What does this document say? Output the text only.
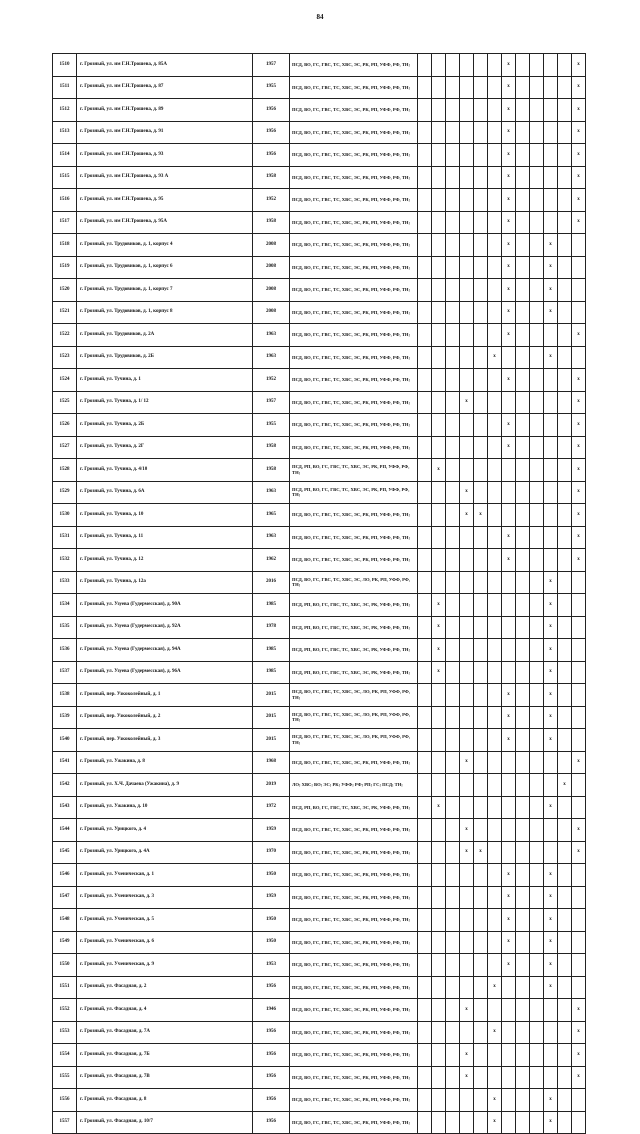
84
1510	г. Грозный, ул. им Г.Н.Трошева, д. 85А	1957	ПСД, ВО, ГС, ГВС, ТС, ХВС, ЭС, РК, РП, УФФ, РФ, ТН;							x					x
1511	г. Грозный, ул. им Г.Н.Трошева, д. 87	1955	ПСД, ВО, ГС, ГВС, ТС, ХВС, ЭС, РК, РП, УФФ, РФ, ТН;							x					x
1512	г. Грозный, ул. им Г.Н.Трошева, д. 89	1956	ПСД, ВО, ГС, ГВС, ТС, ХВС, ЭС, РК, РП, УФФ, РФ, ТН;							x					x
1513	г. Грозный, ул. им Г.Н.Трошева, д. 91	1956	ПСД, ВО, ГС, ГВС, ТС, ХВС, ЭС, РК, РП, УФФ, РФ, ТН;							x					x
1514	г. Грозный, ул. им Г.Н.Трошева, д. 93	1956	ПСД, ВО, ГС, ГВС, ТС, ХВС, ЭС, РК, РП, УФФ, РФ, ТН;							x					x
1515	г. Грозный, ул. им Г.Н.Трошева, д. 93 А	1958	ПСД, ВО, ГС, ГВС, ТС, ХВС, ЭС, РК, РП, УФФ, РФ, ТН;							x					x
1516	г. Грозный, ул. им Г.Н.Трошева, д. 95	1952	ПСД, ВО, ГС, ГВС, ТС, ХВС, ЭС, РК, РП, УФФ, РФ, ТН;							x					x
1517	г. Грозный, ул. им Г.Н.Трошева, д. 95А	1958	ПСД, ВО, ГС, ГВС, ТС, ХВС, ЭС, РК, РП, УФФ, РФ, ТН;							x					x
1518	г. Грозный, ул. Трудовиков, д. 1, корпус 4	2008	ПСД, ВО, ГС, ГВС, ТС, ХВС, ЭС, РК, РП, УФФ, РФ, ТН;							x			x		
1519	г. Грозный, ул. Трудовиков, д. 1, корпус 6	2008	ПСД, ВО, ГС, ГВС, ТС, ХВС, ЭС, РК, РП, УФФ, РФ, ТН;							x			x		
1520	г. Грозный, ул. Трудовиков, д. 1, корпус 7	2008	ПСД, ВО, ГС, ГВС, ТС, ХВС, ЭС, РК, РП, УФФ, РФ, ТН;							x			x		
1521	г. Грозный, ул. Трудовиков, д. 1, корпус 8	2008	ПСД, ВО, ГС, ГВС, ТС, ХВС, ЭС, РК, РП, УФФ, РФ, ТН;							x			x		
1522	г. Грозный, ул. Трудовиков, д. 2А	1963	ПСД, ВО, ГС, ГВС, ТС, ХВС, ЭС, РК, РП, УФФ, РФ, ТН;							x					x
1523	г. Грозный, ул. Трудовиков, д. 2Б	1963	ПСД, ВО, ГС, ГВС, ТС, ХВС, ЭС, РК, РП, УФФ, РФ, ТН;						x				x		
1524	г. Грозный, ул. Тучина, д. 1	1952	ПСД, ВО, ГС, ГВС, ТС, ХВС, ЭС, РК, РП, УФФ, РФ, ТН;							x					x
1525	г. Грозный, ул. Тучина, д. 1/ 12	1957	ПСД, ВО, ГС, ГВС, ТС, ХВС, ЭС, РК, РП, УФФ, РФ, ТН;				x								x
1526	г. Грозный, ул. Тучина, д. 2Б	1955	ПСД, ВО, ГС, ГВС, ТС, ХВС, ЭС, РК, РП, УФФ, РФ, ТН;							x					x
1527	г. Грозный, ул. Тучина, д. 2Г	1958	ПСД, ВО, ГС, ГВС, ТС, ХВС, ЭС, РК, РП, УФФ, РФ, ТН;							x					x
1528	г. Грозный, ул. Тучина, д. 4/10	1958	ПСД, РП, ВО, ГС, ГВС, ТС, ХВС, ЭС, РК, РП, УФФ, РФ, ТН;		x										x
1529	г. Грозный, ул. Тучина, д. 6А	1963	ПСД, РП, ВО, ГС, ГВС, ТС, ХВС, ЭС, РК, РП, УФФ, РФ, ТН;				x								x
1530	г. Грозный, ул. Тучина, д. 10	1965	ПСД, ВО, ГС, ГВС, ТС, ХВС, ЭС, РК, РП, УФФ, РФ, ТН;				x	x							x
1531	г. Грозный, ул. Тучина, д. 11	1963	ПСД, ВО, ГС, ГВС, ТС, ХВС, ЭС, РК, РП, УФФ, РФ, ТН;							x					x
1532	г. Грозный, ул. Тучина, д. 12	1962	ПСД, ВО, ГС, ГВС, ТС, ХВС, ЭС, РК, РП, УФФ, РФ, ТН;							x					x
1533	г. Грозный, ул. Тучина, д. 12а	2016	ПСД, ВО, ГС, ГВС, ТС, ХВС, ЭС, ЛО, РК, РП, УФФ, РФ, ТН;										x		
1534	г. Грозный, ул. Узуева (Гудермесская), д. 90А	1985	ПСД, РП, ВО, ГС, ГВС, ТС, ХВС, ЭС, РК, УФФ, РФ, ТН;		x								x		
1535	г. Грозный, ул. Узуева (Гудермесская), д. 92А	1978	ПСД, РП, ВО, ГС, ГВС, ТС, ХВС, ЭС, РК, УФФ, РФ, ТН;		x								x		
1536	г. Грозный, ул. Узуева (Гудермесская), д. 94А	1985	ПСД, РП, ВО, ГС, ГВС, ТС, ХВС, ЭС, РК, УФФ, РФ, ТН;		x								x		
1537	г. Грозный, ул. Узуева (Гудермесская), д. 96А	1985	ПСД, РП, ВО, ГС, ГВС, ТС, ХВС, ЭС, РК, УФФ, РФ, ТН;		x								x		
1538	г. Грозный, пер. Узкоколейный, д. 1	2015	ПСД, ВО, ГС, ГВС, ТС, ХВС, ЭС, ЛО, РК, РП, УФФ, РФ, ТН;							x			x		
1539	г. Грозный, пер. Узкоколейный, д. 2	2015	ПСД, ВО, ГС, ГВС, ТС, ХВС, ЭС, ЛО, РК, РП, УФФ, РФ, ТН;							x			x		
1540	г. Грозный, пер. Узкоколейный, д. 3	2015	ПСД, ВО, ГС, ГВС, ТС, ХВС, ЭС, ЛО, РК, РП, УФФ, РФ, ТН;							x			x		
1541	г. Грозный, ул. Ужакина, д. 8	1968	ПСД, ВО, ГС, ГВС, ТС, ХВС, ЭС, РК, РП, УФФ, РФ, ТН;				x								x
1542	г. Грозный, ул. Х.Ч. Дачаева (Ужакина), д. 9	2019	ЛО; ХВС; ВО; ЭС; РК; УФФ; РФ; РП; ГС; ПСД; ТН;											x	
1543	г. Грозный, ул. Ужакина, д. 10	1972	ПСД, РП, ВО, ГС, ГВС, ТС, ХВС, ЭС, РК, УФФ, РФ, ТН;		x								x		
1544	г. Грозный, ул. Урицкого, д. 4	1959	ПСД, ВО, ГС, ГВС, ТС, ХВС, ЭС, РК, РП, УФФ, РФ, ТН;				x								x
1545	г. Грозный, ул. Урицкого, д. 4А	1970	ПСД, ВО, ГС, ГВС, ТС, ХВС, ЭС, РК, РП, УФФ, РФ, ТН;				x	x							x
1546	г. Грозный, ул. Ученическая, д. 1	1950	ПСД, ВО, ГС, ГВС, ТС, ХВС, ЭС, РК, РП, УФФ, РФ, ТН;							x			x		
1547	г. Грозный, ул. Ученическая, д. 3	1959	ПСД, ВО, ГС, ГВС, ТС, ХВС, ЭС, РК, РП, УФФ, РФ, ТН;							x			x		
1548	г. Грозный, ул. Ученическая, д. 5	1950	ПСД, ВО, ГС, ГВС, ТС, ХВС, ЭС, РК, РП, УФФ, РФ, ТН;							x			x		
1549	г. Грозный, ул. Ученическая, д. 6	1950	ПСД, ВО, ГС, ГВС, ТС, ХВС, ЭС, РК, РП, УФФ, РФ, ТН;							x			x		
1550	г. Грозный, ул. Ученическая, д. 9	1953	ПСД, ВО, ГС, ГВС, ТС, ХВС, ЭС, РК, РП, УФФ, РФ, ТН;							x			x		
1551	г. Грозный, ул. Фасадная, д. 2	1956	ПСД, ВО, ГС, ГВС, ТС, ХВС, ЭС, РК, РП, УФФ, РФ, ТН;						x				x		
1552	г. Грозный, ул. Фасадная, д. 4	1946	ПСД, ВО, ГС, ГВС, ТС, ХВС, ЭС, РК, РП, УФФ, РФ, ТН;				x								x
1553	г. Грозный, ул. Фасадная, д. 7А	1956	ПСД, ВО, ГС, ГВС, ТС, ХВС, ЭС, РК, РП, УФФ, РФ, ТН;						x						x
1554	г. Грозный, ул. Фасадная, д. 7Б	1956	ПСД, ВО, ГС, ГВС, ТС, ХВС, ЭС, РК, РП, УФФ, РФ, ТН;				x								x
1555	г. Грозный, ул. Фасадная, д. 7В	1956	ПСД, ВО, ГС, ГВС, ТС, ХВС, ЭС, РК, РП, УФФ, РФ, ТН;				x								x
1556	г. Грозный, ул. Фасадная, д. 8	1956	ПСД, ВО, ГС, ГВС, ТС, ХВС, ЭС, РК, РП, УФФ, РФ, ТН;						x				x		
1557	г. Грозный, ул. Фасадная, д. 10/7	1956	ПСД, ВО, ГС, ГВС, ТС, ХВС, ЭС, РК, РП, УФФ, РФ, ТН;						x				x		
